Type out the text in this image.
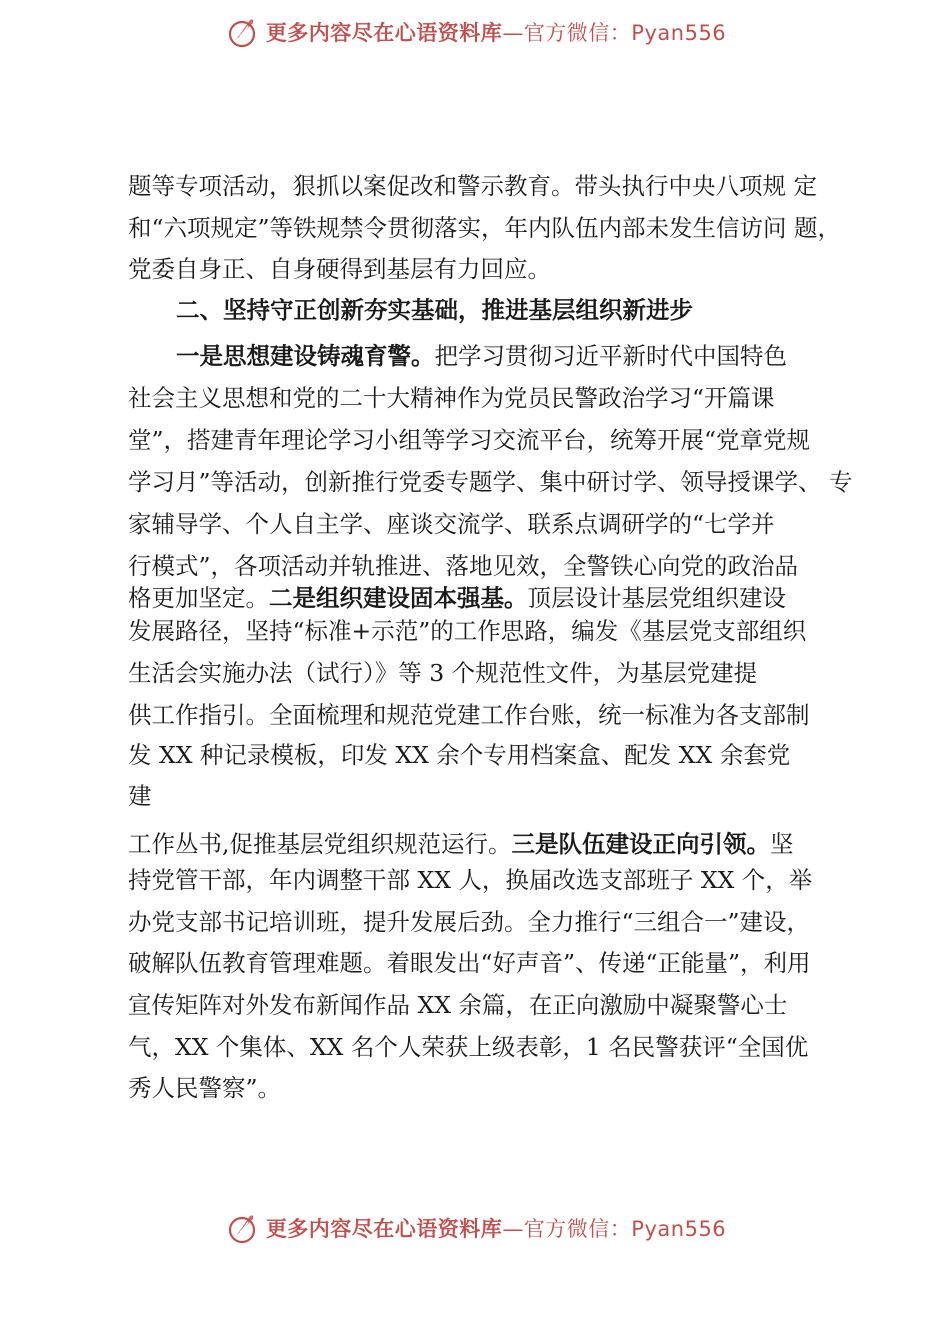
更多内容尽在心语资料库—官方微信：Pyan556
题等专项活动，狠抓以案促改和警示教育。带头执行中央八项规 定
和“六项规定”等铁规禁令贯彻落实，年内队伍内部未发生信访问 题，
党委自身正、自身硬得到基层有力回应。
二、坚持守正创新夯实基础，推进基层组织新进步
一是思想建设铸魂育警。把学习贯彻习近平新时代中国特色
社会主义思想和党的二十大精神作为党员民警政治学习“开篇课
堂”，搭建青年理论学习小组等学习交流平台，统筹开展“党章党规
学习月”等活动，创新推行党委专题学、集中研讨学、领导授课学、 专
家辅导学、个人自主学、座谈交流学、联系点调研学的“七学并
行模式”，各项活动并轨推进、落地见效，全警铁心向党的政治品
格更加坚定。二是组织建设固本强基。顶层设计基层党组织建设
发展路径，坚持“标准+示范”的工作思路，编发《基层党支部组织
生活会实施办法（试行）》等 3 个规范性文件，为基层党建提
供工作指引。全面梳理和规范党建工作台账，统一标准为各支部制
发 XX 种记录模板，印发 XX 余个专用档案盒、配发 XX 余套党
建
工作丛书,促推基层党组织规范运行。三是队伍建设正向引领。坚
持党管干部，年内调整干部 XX 人，换届改选支部班子 XX 个，举
办党支部书记培训班，提升发展后劲。全力推行“三组合一”建设，
破解队伍教育管理难题。着眼发出“好声音”、传递“正能量”，利用
宣传矩阵对外发布新闻作品 XX 余篇，在正向激励中凝聚警心士
气，XX 个集体、XX 名个人荣获上级表彰，1 名民警获评“全国优
秀人民警察”。
更多内容尽在心语资料库—官方微信：Pyan556
